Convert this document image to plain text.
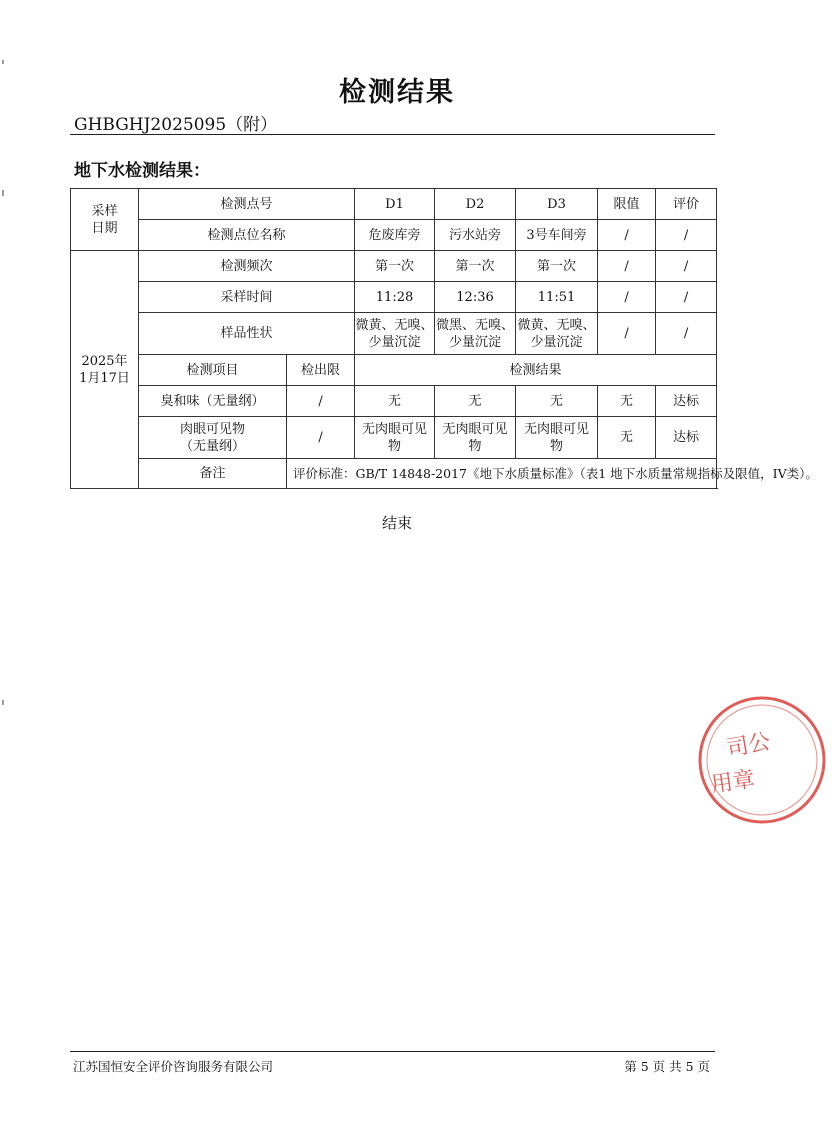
检测结果
GHBGHJ2025095（附）
地下水检测结果：
采样
日期	检测点号		D1	D2	D3	限值	评价
	检测点位名称		危废库旁	污水站旁	3号车间旁	/	/
2025年
1月17日	检测频次		第一次	第一次	第一次	/	/
	采样时间		11:28	12:36	11:51	/	/
	样品性状		微黄、无嗅、
少量沉淀	微黑、无嗅、
少量沉淀	微黄、无嗅、
少量沉淀	/	/
	检测项目	检出限	检测结果				
	臭和味（无量纲）	/	无	无	无	无	达标
	肉眼可见物
（无量纲）	/	无肉眼可见
物	无肉眼可见
物	无肉眼可见
物	无	达标
	备注	评价标准：GB/T 14848-2017《地下水质量标准》（表1 地下水质量常规指标及限值，IV类）。					
结束
司公
用章
江苏国恒安全评价咨询服务有限公司	第 5 页 共 5 页
